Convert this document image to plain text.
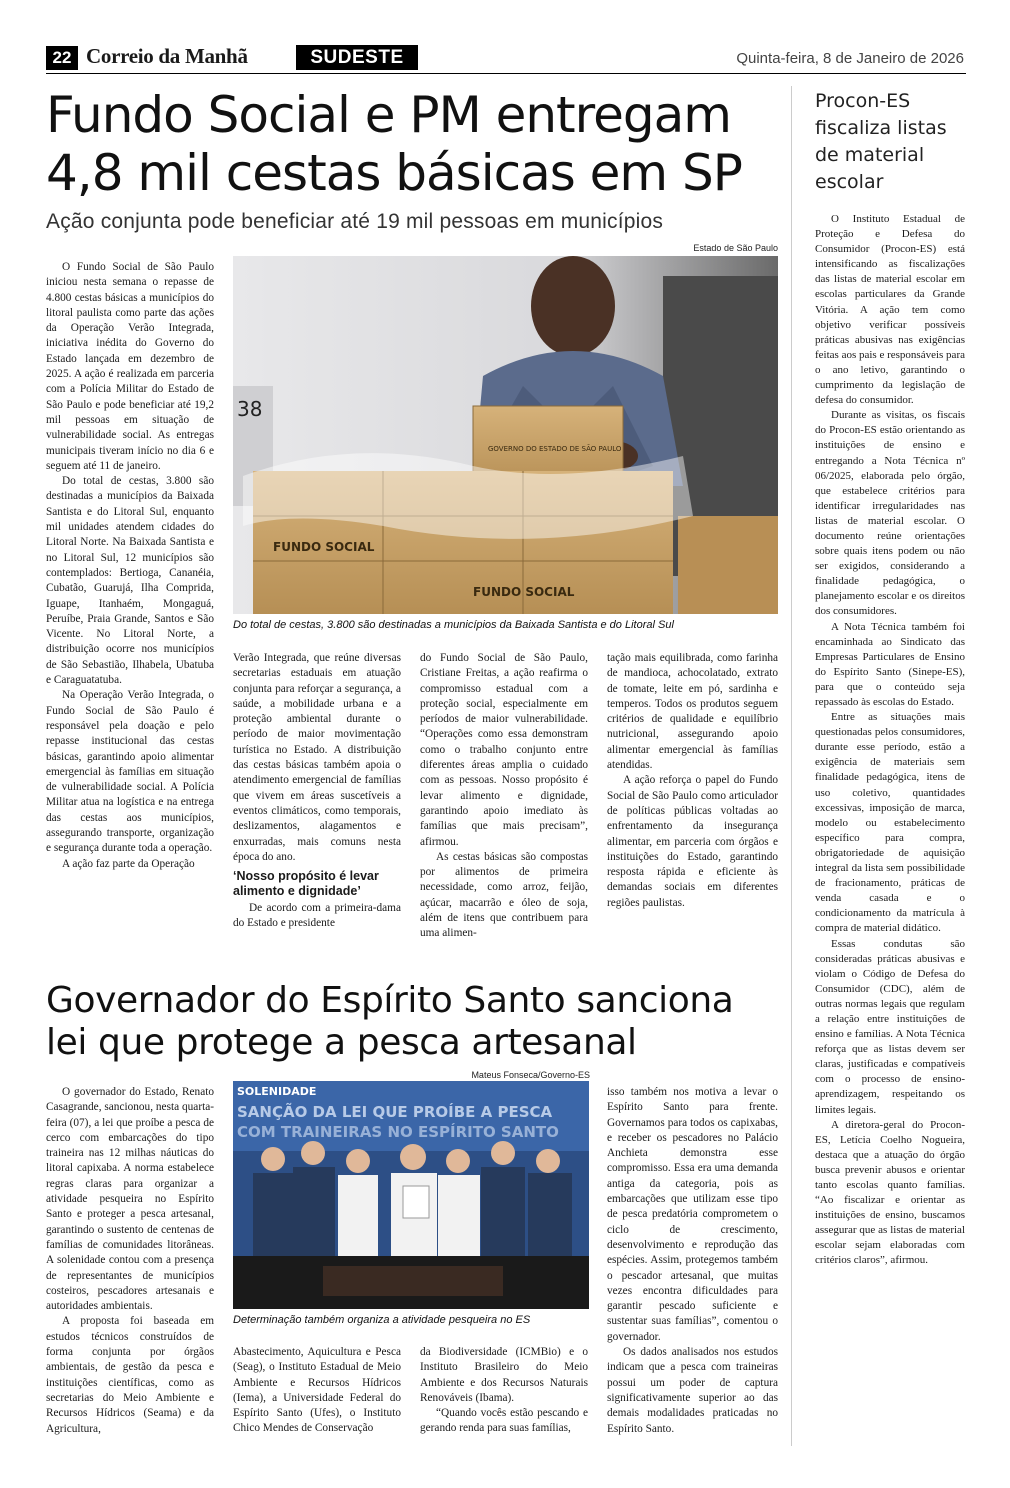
22 Correio da Manhã	SUDESTE	Quinta-feira, 8 de Janeiro de 2026
Fundo Social e PM entregam
4,8 mil cestas básicas em SP
Ação conjunta pode beneficiar até 19 mil pessoas em municípios
Estado de São Paulo
38
GOVERNO DO ESTADO DE SÃO PAULO
FUNDO SOCIAL
FUNDO SOCIAL
Do total de cestas, 3.800 são destinadas a municípios da Baixada Santista e do Litoral Sul

O Fundo Social de São Paulo iniciou nesta semana o repasse de 4.800 cestas básicas a municípios do litoral paulista como parte das ações da Operação Verão Integrada, iniciativa inédita do Governo do Estado lançada em dezembro de 2025. A ação é realizada em parceria com a Polícia Militar do Estado de São Paulo e pode beneficiar até 19,2 mil pessoas em situação de vulnerabilidade social. As entregas municipais tiveram início no dia 6 e seguem até 11 de janeiro.

Do total de cestas, 3.800 são destinadas a municípios da Baixada Santista e do Litoral Sul, enquanto mil unidades atendem cidades do Litoral Norte. Na Baixada Santista e no Litoral Sul, 12 municípios são contemplados: Bertioga, Cananéia, Cubatão, Guarujá, Ilha Comprida, Iguape, Itanhaém, Mongaguá, Peruíbe, Praia Grande, Santos e São Vicente. No Litoral Norte, a distribuição ocorre nos municípios de São Sebastião, Ilhabela, Ubatuba e Caraguatatuba.

Na Operação Verão Integrada, o Fundo Social de São Paulo é responsável pela doação e pelo repasse institucional das cestas básicas, garantindo apoio alimentar emergencial às famílias em situação de vulnerabilidade social. A Polícia Militar atua na logística e na entrega das cestas aos municípios, assegurando transporte, organização e segurança durante toda a operação.

A ação faz parte da Operação

Verão Integrada, que reúne diversas secretarias estaduais em atuação conjunta para reforçar a segurança, a saúde, a mobilidade urbana e a proteção ambiental durante o período de maior movimentação turística no Estado. A distribuição das cestas básicas também apoia o atendimento emergencial de famílias que vivem em áreas suscetíveis a eventos climáticos, como temporais, deslizamentos, alagamentos e enxurradas, mais comuns nesta época do ano.

‘Nosso propósito é levar alimento e dignidade’

De acordo com a primeira-dama do Estado e presidente

do Fundo Social de São Paulo, Cristiane Freitas, a ação reafirma o compromisso estadual com a proteção social, especialmente em períodos de maior vulnerabilidade. “Operações como essa demonstram como o trabalho conjunto entre diferentes áreas amplia o cuidado com as pessoas. Nosso propósito é levar alimento e dignidade, garantindo apoio imediato às famílias que mais precisam”, afirmou.

As cestas básicas são compostas por alimentos de primeira necessidade, como arroz, feijão, açúcar, macarrão e óleo de soja, além de itens que contribuem para uma alimen-

tação mais equilibrada, como farinha de mandioca, achocolatado, extrato de tomate, leite em pó, sardinha e temperos. Todos os produtos seguem critérios de qualidade e equilíbrio nutricional, assegurando apoio alimentar emergencial às famílias atendidas.

A ação reforça o papel do Fundo Social de São Paulo como articulador de políticas públicas voltadas ao enfrentamento da insegurança alimentar, em parceria com órgãos e instituições do Estado, garantindo resposta rápida e eficiente às demandas sociais em diferentes regiões paulistas.

Governador do Espírito Santo sanciona
lei que protege a pesca artesanal
Mateus Fonseca/Governo-ES
SOLENIDADE
SANÇÃO DA LEI QUE PROÍBE A PESCA
COM TRAINEIRAS NO ESPÍRITO SANTO
Determinação também organiza a atividade pesqueira no ES

O governador do Estado, Renato Casagrande, sancionou, nesta quarta-feira (07), a lei que proíbe a pesca de cerco com embarcações do tipo traineira nas 12 milhas náuticas do litoral capixaba. A norma estabelece regras claras para organizar a atividade pesqueira no Espírito Santo e proteger a pesca artesanal, garantindo o sustento de centenas de famílias de comunidades litorâneas. A solenidade contou com a presença de representantes de municípios costeiros, pescadores artesanais e autoridades ambientais.

A proposta foi baseada em estudos técnicos construídos de forma conjunta por órgãos ambientais, de gestão da pesca e instituições científicas, como as secretarias do Meio Ambiente e Recursos Hídricos (Seama) e da Agricultura,

Abastecimento, Aquicultura e Pesca (Seag), o Instituto Estadual de Meio Ambiente e Recursos Hídricos (Iema), a Universidade Federal do Espírito Santo (Ufes), o Instituto Chico Mendes de Conservação

da Biodiversidade (ICMBio) e o Instituto Brasileiro do Meio Ambiente e dos Recursos Naturais Renováveis (Ibama).

“Quando vocês estão pescando e gerando renda para suas famílias,

isso também nos motiva a levar o Espírito Santo para frente. Governamos para todos os capixabas, e receber os pescadores no Palácio Anchieta demonstra esse compromisso. Essa era uma demanda antiga da categoria, pois as embarcações que utilizam esse tipo de pesca predatória comprometem o ciclo de crescimento, desenvolvimento e reprodução das espécies. Assim, protegemos também o pescador artesanal, que muitas vezes encontra dificuldades para garantir pescado suficiente e sustentar suas famílias”, comentou o governador.

Os dados analisados nos estudos indicam que a pesca com traineiras possui um poder de captura significativamente superior ao das demais modalidades praticadas no Espírito Santo.

Procon-ES fiscaliza listas de material escolar

O Instituto Estadual de Proteção e Defesa do Consumidor (Procon-ES) está intensificando as fiscalizações das listas de material escolar em escolas particulares da Grande Vitória. A ação tem como objetivo verificar possíveis práticas abusivas nas exigências feitas aos pais e responsáveis para o ano letivo, garantindo o cumprimento da legislação de defesa do consumidor.

Durante as visitas, os fiscais do Procon-ES estão orientando as instituições de ensino e entregando a Nota Técnica nº 06/2025, elaborada pelo órgão, que estabelece critérios para identificar irregularidades nas listas de material escolar. O documento reúne orientações sobre quais itens podem ou não ser exigidos, considerando a finalidade pedagógica, o planejamento escolar e os direitos dos consumidores.

A Nota Técnica também foi encaminhada ao Sindicato das Empresas Particulares de Ensino do Espírito Santo (Sinepe-ES), para que o conteúdo seja repassado às escolas do Estado.

Entre as situações mais questionadas pelos consumidores, durante esse período, estão a exigência de materiais sem finalidade pedagógica, itens de uso coletivo, quantidades excessivas, imposição de marca, modelo ou estabelecimento específico para compra, obrigatoriedade de aquisição integral da lista sem possibilidade de fracionamento, práticas de venda casada e o condicionamento da matrícula à compra de material didático.

Essas condutas são consideradas práticas abusivas e violam o Código de Defesa do Consumidor (CDC), além de outras normas legais que regulam a relação entre instituições de ensino e famílias. A Nota Técnica reforça que as listas devem ser claras, justificadas e compatíveis com o processo de ensino-aprendizagem, respeitando os limites legais.

A diretora-geral do Procon-ES, Letícia Coelho Nogueira, destaca que a atuação do órgão busca prevenir abusos e orientar tanto escolas quanto famílias. “Ao fiscalizar e orientar as instituições de ensino, buscamos assegurar que as listas de material escolar sejam elaboradas com critérios claros”, afirmou.
